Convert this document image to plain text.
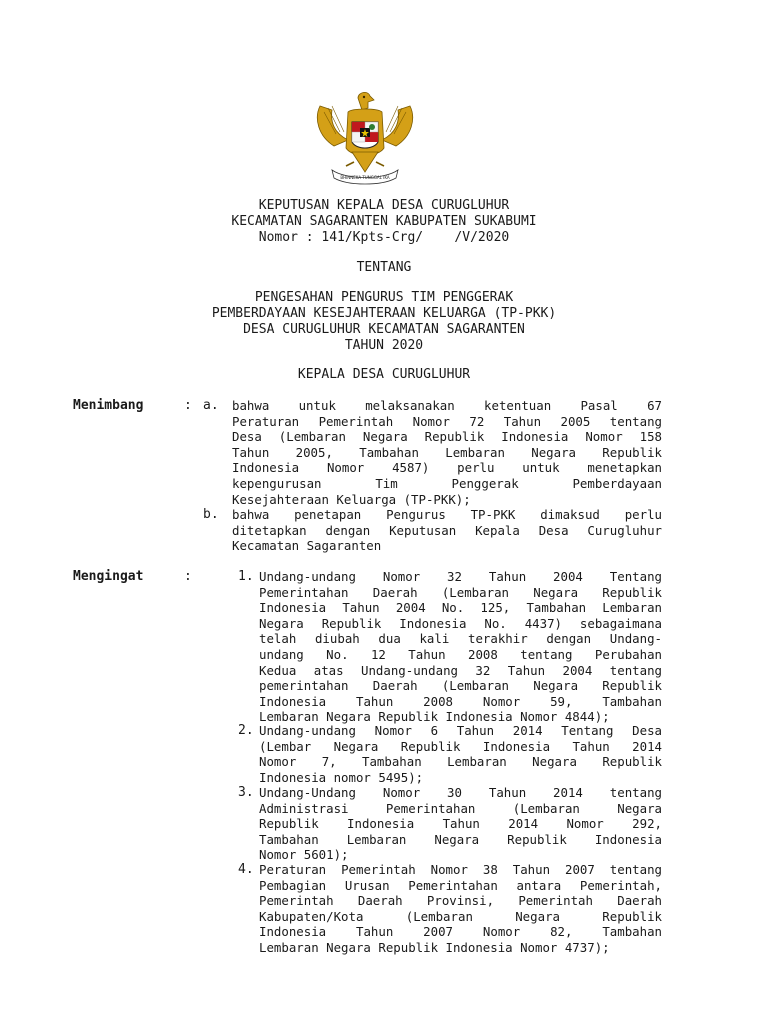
BHINNEKA TUNGGAL IKA
KEPUTUSAN KEPALA DESA CURUGLUHUR
KECAMATAN SAGARANTEN KABUPATEN SUKABUMI
Nomor : 141/Kpts-Crg/    /V/2020
TENTANG
PENGESAHAN PENGURUS TIM PENGGERAK
PEMBERDAYAAN KESEJAHTERAAN KELUARGA (TP-PKK)
DESA CURUGLUHUR KECAMATAN SAGARANTEN
TAHUN 2020
KEPALA DESA CURUGLUHUR
Menimbang	: a. bahwa untuk melaksanakan ketentuan Pasal 67
Peraturan Pemerintah Nomor 72 Tahun 2005 tentang
Desa (Lembaran Negara Republik Indonesia Nomor 158
Tahun 2005, Tambahan Lembaran Negara Republik
Indonesia Nomor 4587) perlu untuk menetapkan
kepengurusan Tim Penggerak Pemberdayaan
Kesejahteraan Keluarga (TP-PKK);
b. bahwa penetapan Pengurus TP-PKK dimaksud perlu
ditetapkan dengan Keputusan Kepala Desa Curugluhur
Kecamatan Sagaranten
Mengingat	:	1. Undang-undang Nomor 32 Tahun 2004 Tentang
Pemerintahan Daerah (Lembaran Negara Republik
Indonesia Tahun 2004 No. 125, Tambahan Lembaran
Negara Republik Indonesia No. 4437) sebagaimana
telah diubah dua kali terakhir dengan Undang-
undang No. 12 Tahun 2008 tentang Perubahan
Kedua atas Undang-undang 32 Tahun 2004 tentang
pemerintahan Daerah (Lembaran Negara Republik
Indonesia Tahun 2008 Nomor 59, Tambahan
Lembaran Negara Republik Indonesia Nomor 4844);
2. Undang-undang Nomor 6 Tahun 2014 Tentang Desa
(Lembar Negara Republik Indonesia Tahun 2014
Nomor 7, Tambahan Lembaran Negara Republik
Indonesia nomor 5495);
3. Undang-Undang Nomor 30 Tahun 2014 tentang
Administrasi Pemerintahan (Lembaran Negara
Republik Indonesia Tahun 2014 Nomor 292,
Tambahan Lembaran Negara Republik Indonesia
Nomor 5601);
4. Peraturan Pemerintah Nomor 38 Tahun 2007 tentang
Pembagian Urusan Pemerintahan antara Pemerintah,
Pemerintah Daerah Provinsi, Pemerintah Daerah
Kabupaten/Kota (Lembaran Negara Republik
Indonesia Tahun 2007 Nomor 82, Tambahan
Lembaran Negara Republik Indonesia Nomor 4737);
